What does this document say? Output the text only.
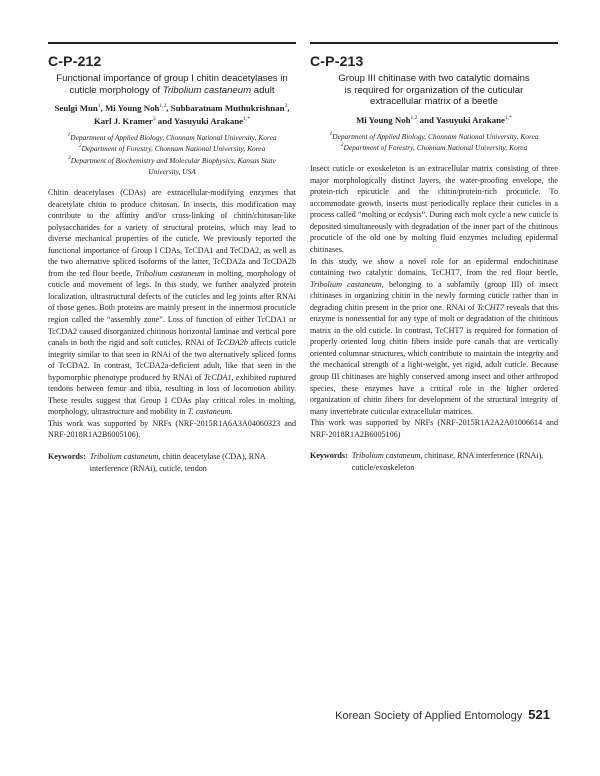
C-P-212

Functional importance of group I chitin deacetylases in

cuticle morphology of Tribolium castaneum adult

Seulgi Mun$^1$, Mi Young Noh$^{1,2}$, Subbaratnam Muthukrishnan$^3$,

Karl J. Kramer$^3$ and Yasuyuki Arakane$^{1,*}$

$^1$Department of Applied Biology, Chonnam National University, Korea

$^2$Department of Forestry, Chonnam National University, Korea

$^3$Department of Biochemistry and Molecular Biophysics, Kansas State

University, USA

Chitin deacetylases (CDAs) are extracellular-modifying enzymes that deacetylate chitin to produce chitosan. In insects, this modification may contribute to the affinity and/or cross-linking of chitin/chitosan-like polysaccharides for a variety of structural proteins, which may lead to diverse mechanical properties of the cuticle. We previously reported the functional importance of Group I CDAs, TcCDA1 and TcCDA2, as well as the two alternative spliced isoforms of the latter, TcCDA2a and TcCDA2b from the red flour beetle, Tribolium castaneum in molting, morphology of cuticle and movement of legs. In this study, we further analyzed protein localization, ultrastructural defects of the cuticles and leg joints after RNAi of those genes. Both proteins are mainly present in the innermost procuticle region called the “assembly zone”. Loss of function of either TcCDA1 or TcCDA2 caused disorganized chitinous horizontal laminae and vertical pore canals in both the rigid and soft cuticles. RNAi of TcCDA2b affects cuticle integrity similar to that seen in RNAi of the two alternatively spliced forms of TcCDA2. In contrast, TcCDA2a-deficient adult, like that seen in the hypomorphic phenotype produced by RNAi of TcCDA1, exhibited ruptured tendons between femur and tibia, resulting in loss of locomotion ability. These results suggest that Group I CDAs play critical roles in molting, morphology, ultrastructure and mobility in T. castaneum.

This work was supported by NRFs (NRF-2015R1A6A3A04060323 and NRF-2018R1A2B6005106).

Keywords: Tribolium castaneum, chitin deacetylase (CDA), RNA interference (RNAi), cuticle, tendon
C-P-213

Group III chitinase with two catalytic domains

is required for organization of the cuticular

extracellular matrix of a beetle

Mi Young Noh$^{1,2}$ and Yasuyuki Arakane$^{1,*}$

$^1$Department of Applied Biology, Chonnam National University, Korea

$^2$Department of Forestry, Chonnam National University, Korea

Insect cuticle or exoskeleton is an extracellular matrix consisting of three major morphologically distinct layers, the water-proofing envelope, the protein-rich epicuticle and the chitin/protein-rich procuticle. To accommodate growth, insects must periodically replace their cuticles in a process called “molting or ecdysis”. During each molt cycle a new cuticle is deposited simultaneously with degradation of the inner part of the chitinous procuticle of the old one by molting fluid enzymes including epidermal chitinases.

In this study, we show a novel role for an epidermal endochitinase containing two catalytic domains, TcCHT7, from the red flour beetle, Tribolium castaneum, belonging to a subfamily (group III) of insect chitinases in organizing chitin in the newly forming cuticle rather than in degrading chitin present in the prior one. RNAi of TcCHT7 reveals that this enzyme is nonessential for any type of molt or degradation of the chitinous matrix in the old cuticle. In contrast, TcCHT7 is required for formation of properly oriented long chitin fibers inside pore canals that are vertically oriented columnar structures, which contribute to maintain the integrity and the mechanical strength of a light-weight, yet rigid, adult cuticle. Because group III chitinases are highly conserved among insect and other arthropod species, these enzymes have a critical role in the higher ordered organization of chitin fibers for development of the structural integrity of many invertebrate cuticular extracellular matrices.

This work was supported by NRFs (NRF-2015R1A2A2A01006614 and NRF-2018R1A2B6005106)

Keywords: Tribolium castaneum, chitinase, RNA interference (RNAi), cuticle/exoskeleton
Korean Society of Applied Entomology 521
